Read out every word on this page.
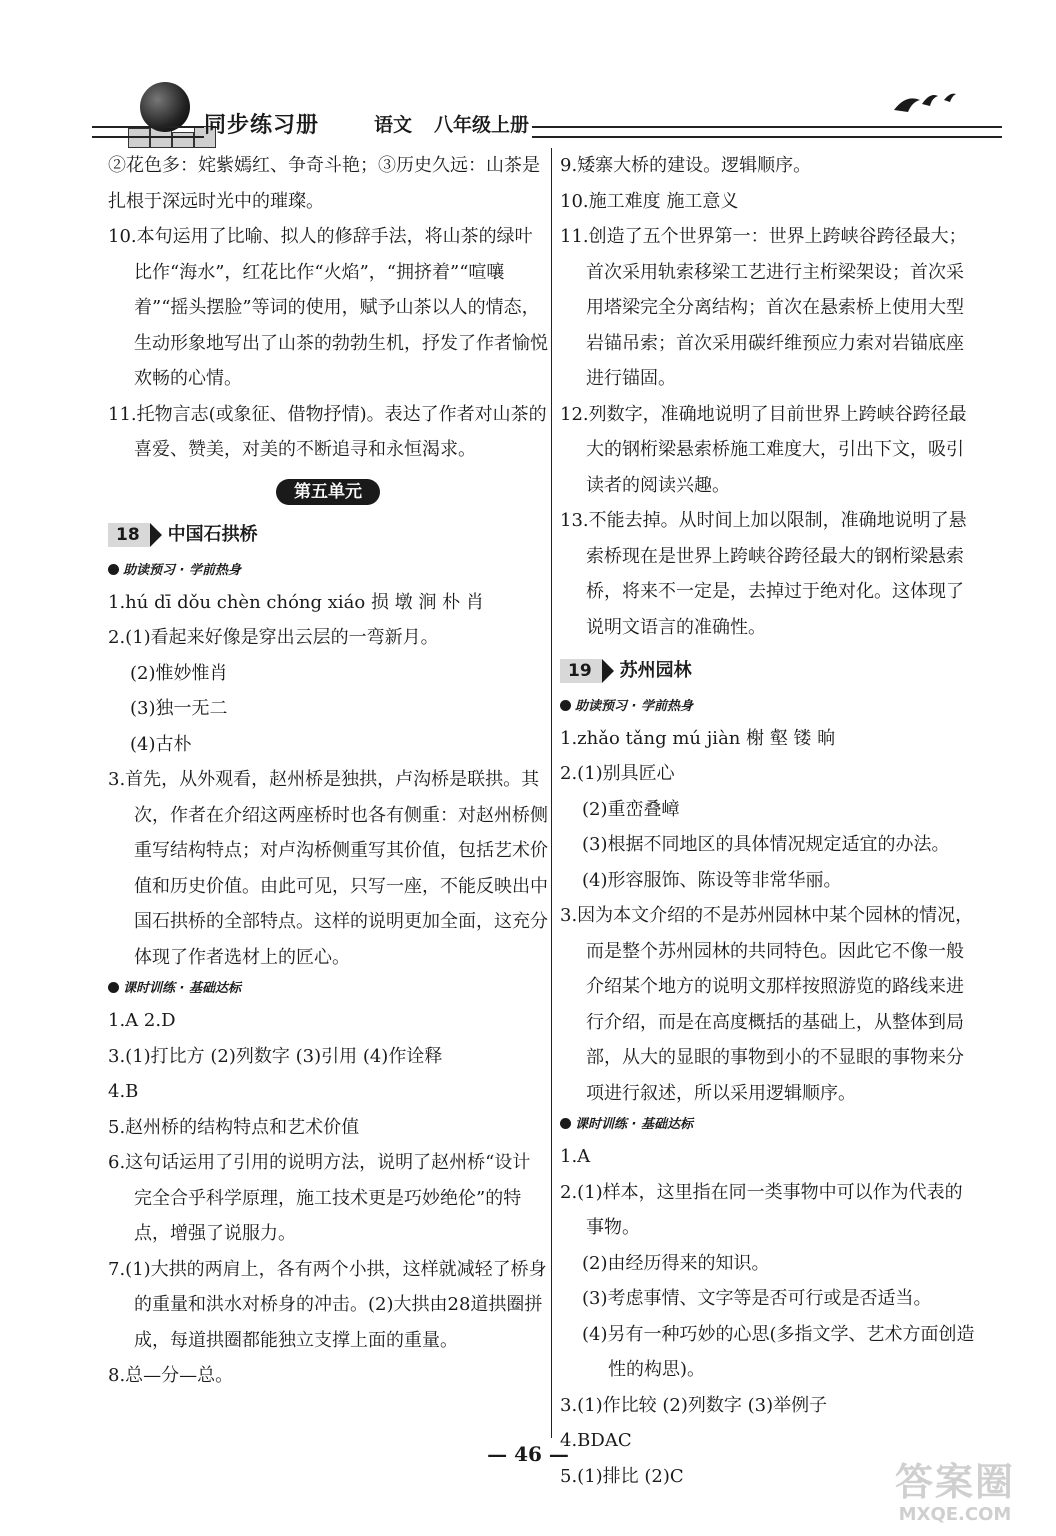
同步练习册	语文 八年级上册

②花色多：姹紫嫣红、争奇斗艳；③历史久远：山茶是扎根于深远时光中的璀璨。

10.本句运用了比喻、拟人的修辞手法，将山茶的绿叶比作“海水”，红花比作“火焰”，“拥挤着”“喧嚷着”“摇头摆脸”等词的使用，赋予山茶以人的情态，生动形象地写出了山茶的勃勃生机，抒发了作者愉悦欢畅的心情。

11.托物言志(或象征、借物抒情)。表达了作者对山茶的喜爱、赞美，对美的不断追寻和永恒渴求。

第五单元
18	中国石拱桥
助读预习 · 学前热身

1.hú dī dǒu chèn chóng xiáo 损 墩 涧 朴 肖

2.(1)看起来好像是穿出云层的一弯新月。

(2)惟妙惟肖

(3)独一无二

(4)古朴

3.首先，从外观看，赵州桥是独拱，卢沟桥是联拱。其次，作者在介绍这两座桥时也各有侧重：对赵州桥侧重写结构特点；对卢沟桥侧重写其价值，包括艺术价值和历史价值。由此可见，只写一座，不能反映出中国石拱桥的全部特点。这样的说明更加全面，这充分体现了作者选材上的匠心。

课时训练 · 基础达标

1.A 2.D

3.(1)打比方 (2)列数字 (3)引用 (4)作诠释

4.B

5.赵州桥的结构特点和艺术价值

6.这句话运用了引用的说明方法，说明了赵州桥“设计完全合乎科学原理，施工技术更是巧妙绝伦”的特点，增强了说服力。

7.(1)大拱的两肩上，各有两个小拱，这样就减轻了桥身的重量和洪水对桥身的冲击。(2)大拱由28道拱圈拼成，每道拱圈都能独立支撑上面的重量。

8.总—分—总。

9.矮寨大桥的建设。逻辑顺序。

10.施工难度 施工意义

11.创造了五个世界第一：世界上跨峡谷跨径最大；首次采用轨索移梁工艺进行主桁梁架设；首次采用塔梁完全分离结构；首次在悬索桥上使用大型岩锚吊索；首次采用碳纤维预应力索对岩锚底座进行锚固。

12.列数字，准确地说明了目前世界上跨峡谷跨径最大的钢桁梁悬索桥施工难度大，引出下文，吸引读者的阅读兴趣。

13.不能去掉。从时间上加以限制，准确地说明了悬索桥现在是世界上跨峡谷跨径最大的钢桁梁悬索桥，将来不一定是，去掉过于绝对化。这体现了说明文语言的准确性。

19	苏州园林
助读预习 · 学前热身

1.zhǎo tǎng mú jiàn 榭 壑 镂 晌

2.(1)别具匠心

(2)重峦叠嶂

(3)根据不同地区的具体情况规定适宜的办法。

(4)形容服饰、陈设等非常华丽。

3.因为本文介绍的不是苏州园林中某个园林的情况，而是整个苏州园林的共同特色。因此它不像一般介绍某个地方的说明文那样按照游览的路线来进行介绍，而是在高度概括的基础上，从整体到局部，从大的显眼的事物到小的不显眼的事物来分项进行叙述，所以采用逻辑顺序。

课时训练 · 基础达标

1.A

2.(1)样本，这里指在同一类事物中可以作为代表的事物。

(2)由经历得来的知识。

(3)考虑事情、文字等是否可行或是否适当。

(4)另有一种巧妙的心思(多指文学、艺术方面创造性的构思)。

3.(1)作比较 (2)列数字 (3)举例子

4.BDAC

5.(1)排比 (2)C

— 46 —
答案圈
MXQE.COM
